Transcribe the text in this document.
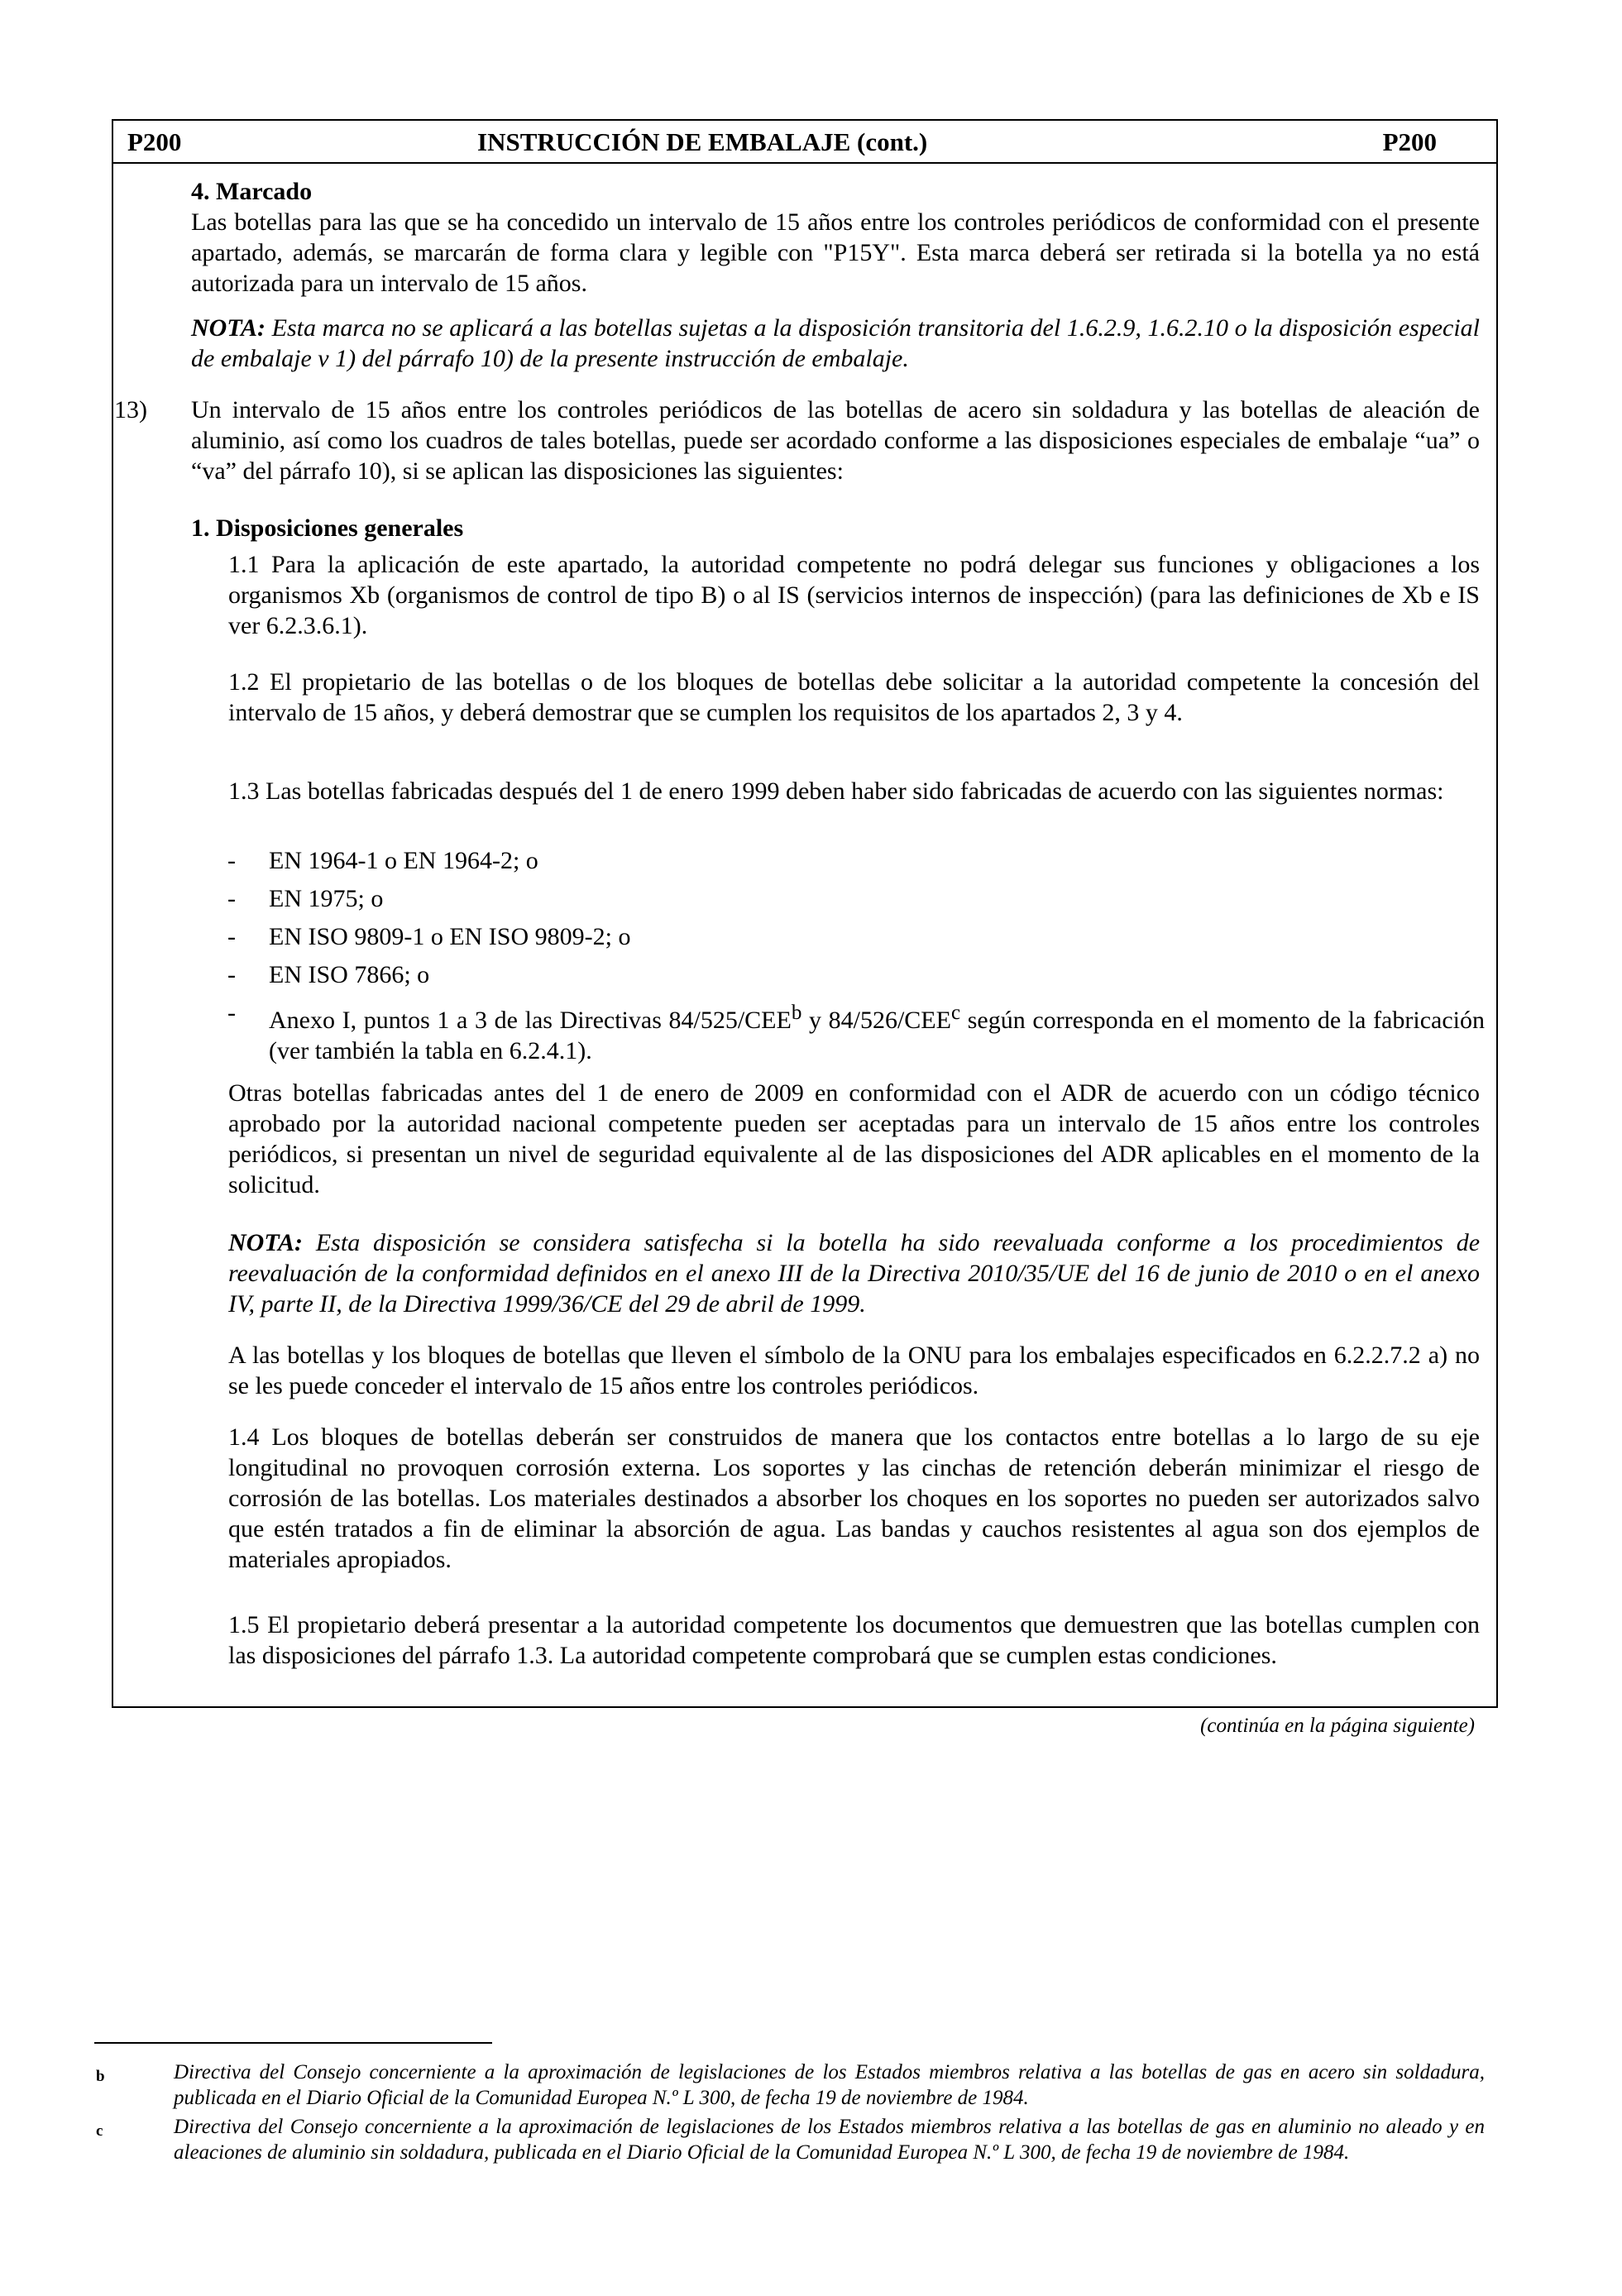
P200	INSTRUCCIÓN DE EMBALAJE (cont.)	P200
4. Marcado
Las botellas para las que se ha concedido un intervalo de 15 años entre los controles periódicos de conformidad con el presente apartado, además, se marcarán de forma clara y legible con "P15Y". Esta marca deberá ser retirada si la botella ya no está autorizada para un intervalo de 15 años.
NOTA: Esta marca no se aplicará a las botellas sujetas a la disposición transitoria del 1.6.2.9, 1.6.2.10 o la disposición especial de embalaje v 1) del párrafo 10) de la presente instrucción de embalaje.
13) Un intervalo de 15 años entre los controles periódicos de las botellas de acero sin soldadura y las botellas de aleación de aluminio, así como los cuadros de tales botellas, puede ser acordado conforme a las disposiciones especiales de embalaje “ua” o “va” del párrafo 10), si se aplican las disposiciones las siguientes:
1. Disposiciones generales
1.1 Para la aplicación de este apartado, la autoridad competente no podrá delegar sus funciones y obligaciones a los organismos Xb (organismos de control de tipo B) o al IS (servicios internos de inspección) (para las definiciones de Xb e IS ver 6.2.3.6.1).
1.2 El propietario de las botellas o de los bloques de botellas debe solicitar a la autoridad competente la concesión del intervalo de 15 años, y deberá demostrar que se cumplen los requisitos de los apartados 2, 3 y 4.
1.3 Las botellas fabricadas después del 1 de enero 1999 deben haber sido fabricadas de acuerdo con las siguientes normas:
- EN 1964-1 o EN 1964-2; o
- EN 1975; o
- EN ISO 9809-1 o EN ISO 9809-2; o
- EN ISO 7866; o
- Anexo I, puntos 1 a 3 de las Directivas 84/525/CEE$^b$ y 84/526/CEE$^c$ según corresponda en el momento de la fabricación (ver también la tabla en 6.2.4.1).
Otras botellas fabricadas antes del 1 de enero de 2009 en conformidad con el ADR de acuerdo con un código técnico aprobado por la autoridad nacional competente pueden ser aceptadas para un intervalo de 15 años entre los controles periódicos, si presentan un nivel de seguridad equivalente al de las disposiciones del ADR aplicables en el momento de la solicitud.
NOTA: Esta disposición se considera satisfecha si la botella ha sido reevaluada conforme a los procedimientos de reevaluación de la conformidad definidos en el anexo III de la Directiva 2010/35/UE del 16 de junio de 2010 o en el anexo IV, parte II, de la Directiva 1999/36/CE del 29 de abril de 1999.
A las botellas y los bloques de botellas que lleven el símbolo de la ONU para los embalajes especificados en 6.2.2.7.2 a) no se les puede conceder el intervalo de 15 años entre los controles periódicos.
1.4 Los bloques de botellas deberán ser construidos de manera que los contactos entre botellas a lo largo de su eje longitudinal no provoquen corrosión externa. Los soportes y las cinchas de retención deberán minimizar el riesgo de corrosión de las botellas. Los materiales destinados a absorber los choques en los soportes no pueden ser autorizados salvo que estén tratados a fin de eliminar la absorción de agua. Las bandas y cauchos resistentes al agua son dos ejemplos de materiales apropiados.
1.5 El propietario deberá presentar a la autoridad competente los documentos que demuestren que las botellas cumplen con las disposiciones del párrafo 1.3. La autoridad competente comprobará que se cumplen estas condiciones.
(continúa en la página siguiente)
b	Directiva del Consejo concerniente a la aproximación de legislaciones de los Estados miembros relativa a las botellas de gas en acero sin soldadura, publicada en el Diario Oficial de la Comunidad Europea N.º L 300, de fecha 19 de noviembre de 1984.
c	Directiva del Consejo concerniente a la aproximación de legislaciones de los Estados miembros relativa a las botellas de gas en aluminio no aleado y en aleaciones de aluminio sin soldadura, publicada en el Diario Oficial de la Comunidad Europea N.º L 300, de fecha 19 de noviembre de 1984.
